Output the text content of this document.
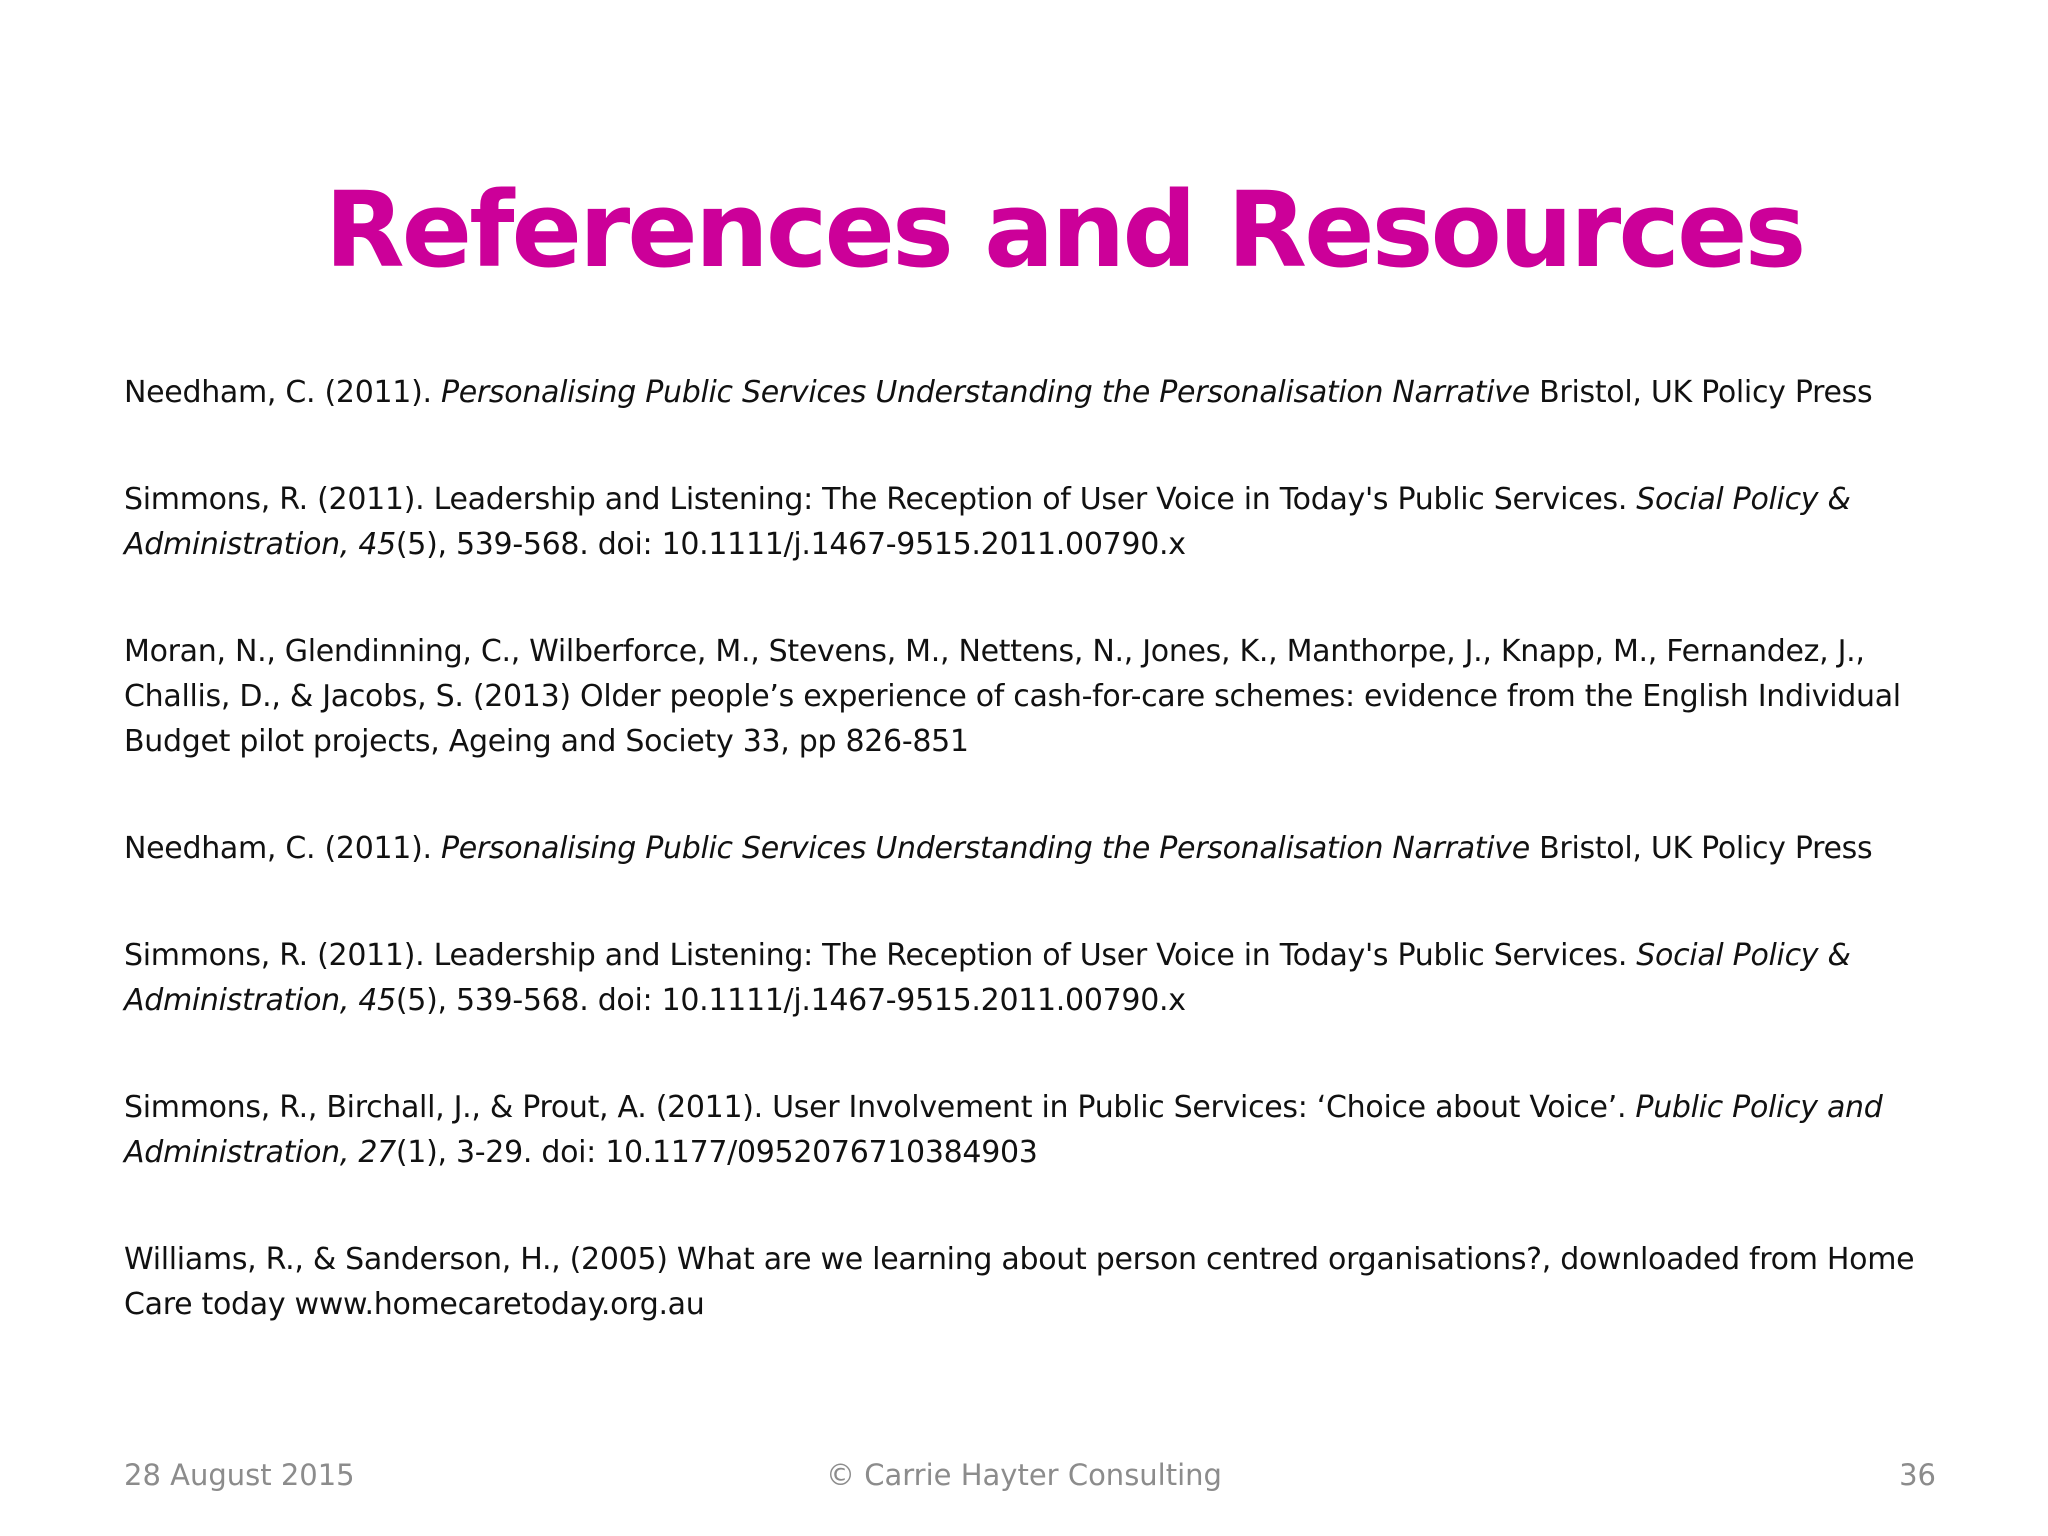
References and Resources
Needham, C. (2011). Personalising Public Services Understanding the Personalisation Narrative Bristol, UK Policy Press
Simmons, R. (2011). Leadership and Listening: The Reception of User Voice in Today's Public Services. Social Policy & Administration, 45(5), 539-568. doi: 10.1111/j.1467-9515.2011.00790.x
Moran, N., Glendinning, C., Wilberforce, M., Stevens, M., Nettens, N., Jones, K., Manthorpe, J., Knapp, M., Fernandez, J., Challis, D., & Jacobs, S. (2013) Older people’s experience of cash-for-care schemes: evidence from the English Individual Budget pilot projects, Ageing and Society 33, pp 826-851
Needham, C. (2011). Personalising Public Services Understanding the Personalisation Narrative Bristol, UK Policy Press
Simmons, R. (2011). Leadership and Listening: The Reception of User Voice in Today's Public Services. Social Policy & Administration, 45(5), 539-568. doi: 10.1111/j.1467-9515.2011.00790.x
Simmons, R., Birchall, J., & Prout, A. (2011). User Involvement in Public Services: ‘Choice about Voice’. Public Policy and Administration, 27(1), 3-29. doi: 10.1177/0952076710384903
Williams, R., & Sanderson, H., (2005) What are we learning about person centred organisations?, downloaded from Home Care today www.homecaretoday.org.au
28 August 2015	© Carrie Hayter Consulting	36
